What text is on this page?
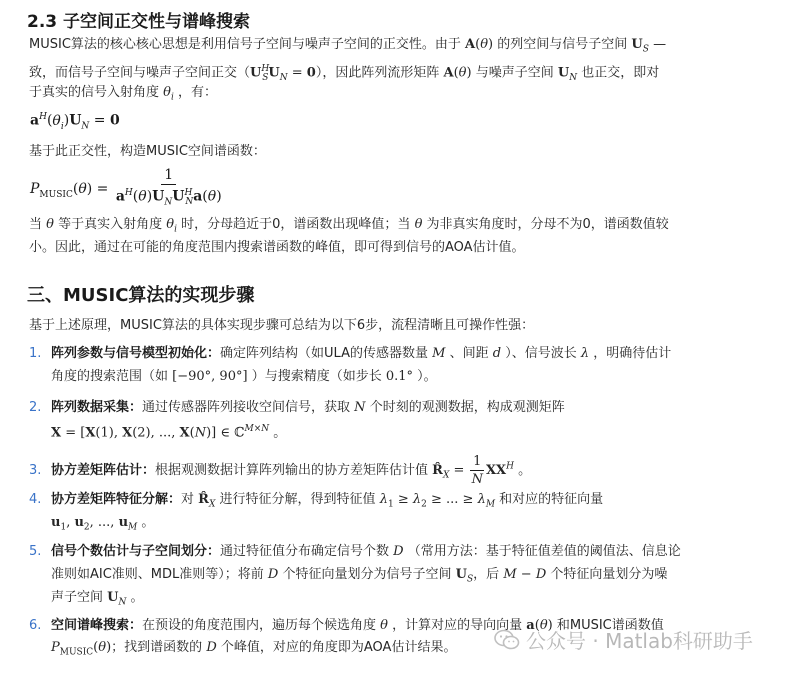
2.3 子空间正交性与谱峰搜索
MUSIC算法的核心核心思想是利用信号子空间与噪声子空间的正交性。由于 A(θ) 的列空间与信号子空间 $U_S$ —
致，而信号子空间与噪声子空间正交$(U^H_SU_N = 0)$，因此阵列流形矩阵 A(θ) 与噪声子空间 $U_N$ 也正交，即对
于真实的信号入射角度 $\theta_i$ ，有：
$a^H(\theta_i)U_N = 0$
基于此正交性，构造MUSIC空间谱函数：
$P_{MUSIC}(\theta) = \frac{1}{a^H(\theta)U_NU^H_Na(\theta)}$
当 θ 等于真实入射角度 $\theta_i$ 时，分母趋近于0，谱函数出现峰值；当 θ 为非真实角度时，分母不为0，谱函数值较
小。因此，通过在可能的角度范围内搜索谱函数的峰值，即可得到信号的AOA估计值。
三、MUSIC算法的实现步骤
基于上述原理，MUSIC算法的具体实现步骤可总结为以下6步，流程清晰且可操作性强：
1. 阵列参数与信号模型初始化：确定阵列结构（如ULA的传感器数量 M 、间距 d ）、信号波长 λ ，明确待估计
角度的搜索范围（如 [−90°, 90°] ）与搜索精度（如步长 0.1° ）。
2. 阵列数据采集：通过传感器阵列接收空间信号，获取 N 个时刻的观测数据，构成观测矩阵
X = [X(1), X(2), ..., X(N)] ∈ ℂ$^{M\times N}$ 。
3. 协方差矩阵估计：根据观测数据计算阵列输出的协方差矩阵估计值 $R̂_X = \frac{1}{N} XX^H$ 。
4. 协方差矩阵特征分解：对 $R̂_X$ 进行特征分解，得到特征值 $\lambda_1 \ge \lambda_2$ ≥ ... ≥ $\lambda_M$ 和对应的特征向量
$u_1$, $u_2$, ..., $u_M$ 。
5. 信号个数估计与子空间划分：通过特征值分布确定信号个数 D （常用方法：基于特征值差值的阈值法、信息论
准则如AIC准则、MDL准则等）；将前 D 个特征向量划分为信号子空间 $U_S$，后 M − D 个特征向量划分为噪
声子空间 $U_N$ 。
6. 空间谱峰搜索：在预设的角度范围内，遍历每个候选角度 θ ，计算对应的导向向量 a(θ) 和MUSIC谱函数值
$P_{MUSIC}(\theta)$；找到谱函数的 D 个峰值，对应的角度即为AOA估计结果。	公众号 · Matlab科研助手
